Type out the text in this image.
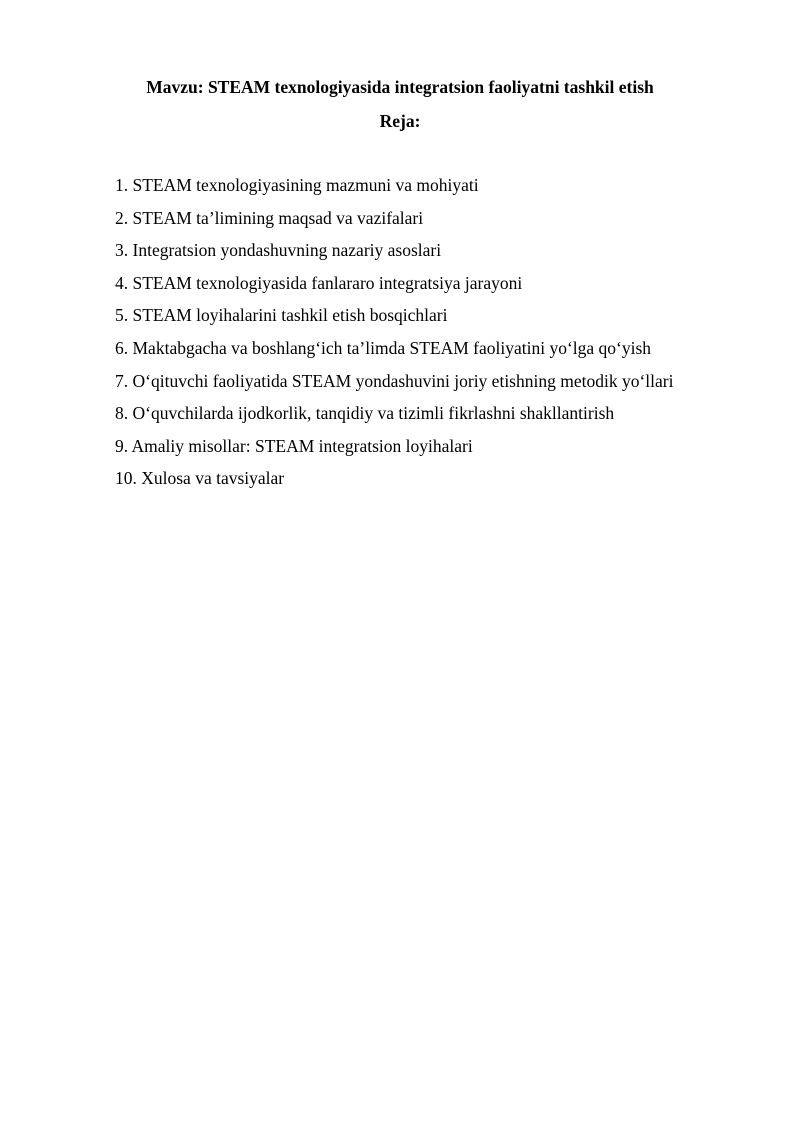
Mavzu: STEAM texnologiyasida integratsion faoliyatni tashkil etish
Reja:
1. STEAM texnologiyasining mazmuni va mohiyati
2. STEAM ta’limining maqsad va vazifalari
3. Integratsion yondashuvning nazariy asoslari
4. STEAM texnologiyasida fanlararo integratsiya jarayoni
5. STEAM loyihalarini tashkil etish bosqichlari
6. Maktabgacha va boshlang‘ich ta’limda STEAM faoliyatini yo‘lga qo‘yish
7. O‘qituvchi faoliyatida STEAM yondashuvini joriy etishning metodik yo‘llari
8. O‘quvchilarda ijodkorlik, tanqidiy va tizimli fikrlashni shakllantirish
9. Amaliy misollar: STEAM integratsion loyihalari
10. Xulosa va tavsiyalar
